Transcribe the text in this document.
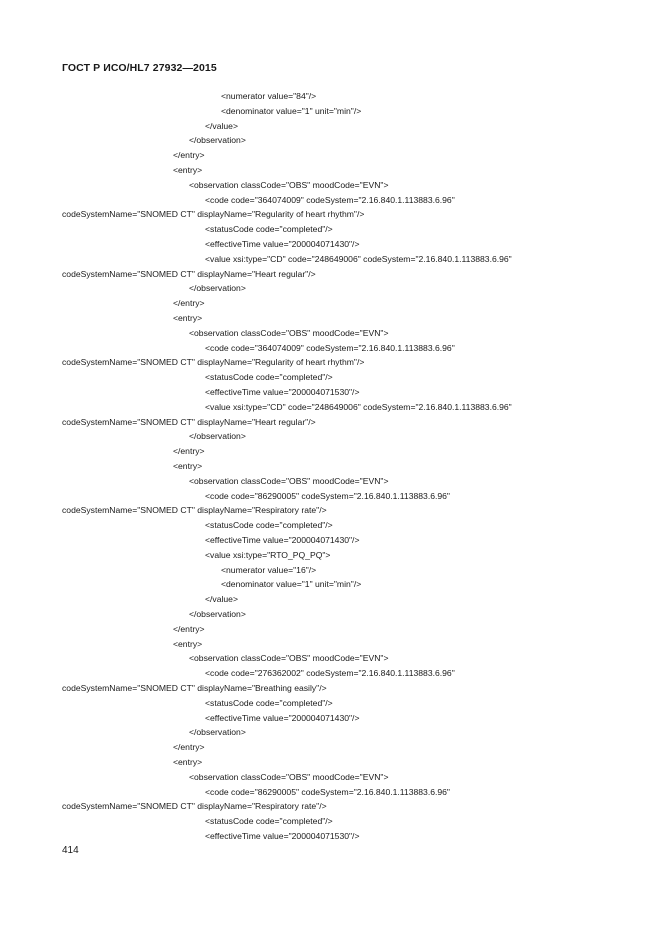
ГОСТ Р ИСО/HL7 27932—2015
<numerator value="84"/>
<denominator value="1" unit="min"/>
</value>
</observation>
</entry>
<entry>
<observation classCode="OBS" moodCode="EVN">
<code code="364074009" codeSystem="2.16.840.1.113883.6.96"
codeSystemName="SNOMED CT" displayName="Regularity of heart rhythm"/>
<statusCode code="completed"/>
<effectiveTime value="200004071430"/>
<value xsi:type="CD" code="248649006" codeSystem="2.16.840.1.113883.6.96"
codeSystemName="SNOMED CT" displayName="Heart regular"/>
</observation>
</entry>
<entry>
<observation classCode="OBS" moodCode="EVN">
<code code="364074009" codeSystem="2.16.840.1.113883.6.96"
codeSystemName="SNOMED CT" displayName="Regularity of heart rhythm"/>
<statusCode code="completed"/>
<effectiveTime value="200004071530"/>
<value xsi:type="CD" code="248649006" codeSystem="2.16.840.1.113883.6.96"
codeSystemName="SNOMED CT" displayName="Heart regular"/>
</observation>
</entry>
<entry>
<observation classCode="OBS" moodCode="EVN">
<code code="86290005" codeSystem="2.16.840.1.113883.6.96"
codeSystemName="SNOMED CT" displayName="Respiratory rate"/>
<statusCode code="completed"/>
<effectiveTime value="200004071430"/>
<value xsi:type="RTO_PQ_PQ">
<numerator value="16"/>
<denominator value="1" unit="min"/>
</value>
</observation>
</entry>
<entry>
<observation classCode="OBS" moodCode="EVN">
<code code="276362002" codeSystem="2.16.840.1.113883.6.96"
codeSystemName="SNOMED CT" displayName="Breathing easily"/>
<statusCode code="completed"/>
<effectiveTime value="200004071430"/>
</observation>
</entry>
<entry>
<observation classCode="OBS" moodCode="EVN">
<code code="86290005" codeSystem="2.16.840.1.113883.6.96"
codeSystemName="SNOMED CT" displayName="Respiratory rate"/>
<statusCode code="completed"/>
<effectiveTime value="200004071530"/>
414
